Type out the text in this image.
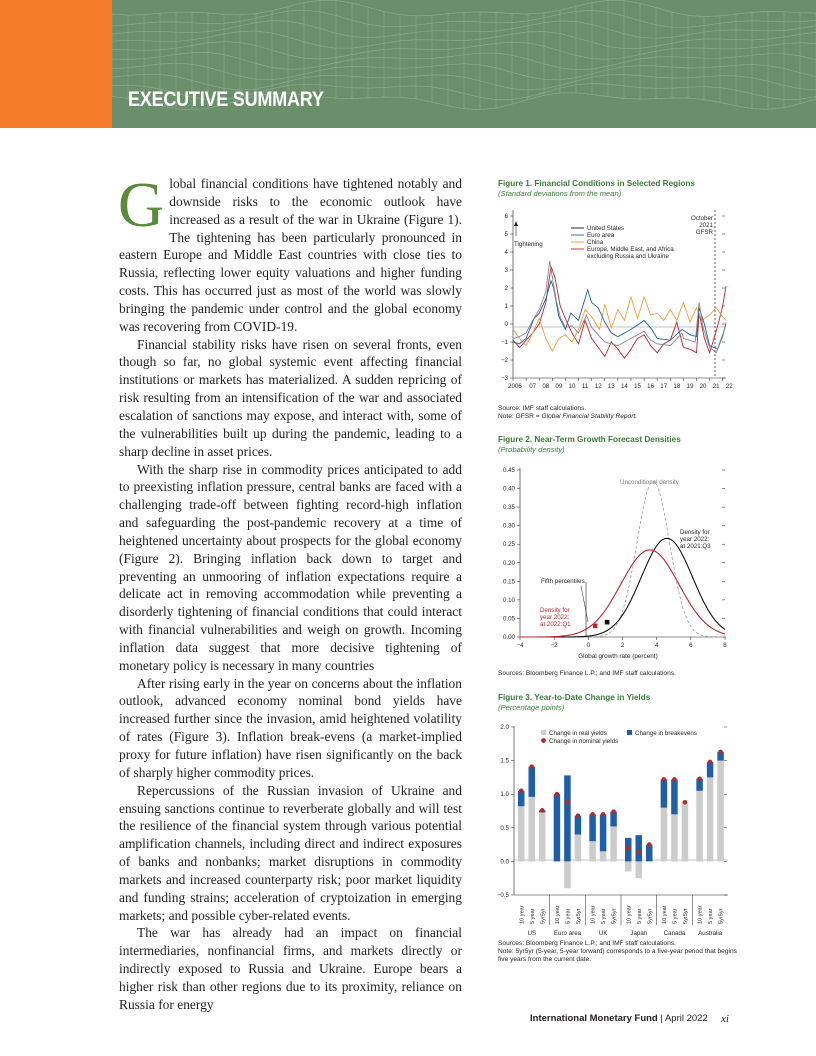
EXECUTIVE SUMMARY

Global financial conditions have tightened notably and downside risks to the economic outlook have increased as a result of the war in Ukraine (Figure 1). The tightening has been particularly pronounced in eastern Europe and Middle East countries with close ties to Russia, reflecting lower equity valuations and higher funding costs. This has occurred just as most of the world was slowly bringing the pandemic under control and the global economy was recovering from COVID-19.

Financial stability risks have risen on several fronts, even though so far, no global systemic event affecting financial institutions or markets has materialized. A sudden repricing of risk resulting from an intensification of the war and associated escalation of sanctions may expose, and interact with, some of the vulnerabilities built up during the pandemic, leading to a sharp decline in asset prices.

With the sharp rise in commodity prices anticipated to add to preexisting inflation pressure, central banks are faced with a challenging trade-off between fighting record-high inflation and safeguarding the post-pandemic recovery at a time of heightened uncertainty about prospects for the global economy (Figure 2). Bringing inflation back down to target and preventing an unmooring of inflation expectations require a delicate act in removing accommodation while preventing a disorderly tightening of financial conditions that could interact with financial vulnerabilities and weigh on growth. Incoming inflation data suggest that more decisive tightening of monetary policy is necessary in many countries

After rising early in the year on concerns about the inflation outlook, advanced economy nominal bond yields have increased further since the invasion, amid heightened volatility of rates (Figure 3). Inflation break-evens (a market-implied proxy for future inflation) have risen significantly on the back of sharply higher commodity prices.

Repercussions of the Russian invasion of Ukraine and ensuing sanctions continue to reverberate globally and will test the resilience of the financial system through various potential amplification channels, including direct and indirect exposures of banks and nonbanks; market disruptions in commodity markets and increased counterparty risk; poor market liquidity and funding strains; acceleration of cryptoization in emerging markets; and possible cyber-related events.

The war has already had an impact on financial intermediaries, nonfinancial firms, and markets directly or indirectly exposed to Russia and Ukraine. Europe bears a higher risk than other regions due to its proximity, reliance on Russia for energy

Figure 1. Financial Conditions in Selected Regions
(Standard deviations from the mean)
6
5
4
3
2
1
0
−1
−2
−3
2006 07 08 09 10 11 12 13 14 15 16 17 18 19 20 21 22
Tightening
October
2021
GFSR
United States
Euro area
China
Europe, Middle East, and Africa
excluding Russia and Ukraine
Source: IMF staff calculations.
Note: GFSR = Global Financial Stability Report.
Figure 2. Near-Term Growth Forecast Densities
(Probability density)
0.45
0.40
0.35
0.30
0.25
0.20
0.15
0.10
0.05
0.00
−4	−2	0	2	4	6	8
Unconditional density
Density for
year 2022:
at 2021:Q3
Fifth percentiles
Density for
year 2022:
at 2022:Q1
Global growth rate (percent)
Sources: Bloomberg Finance L.P.; and IMF staff calculations.
Figure 3. Year-to-Date Change in Yields
(Percentage points)
2.0
1.5
1.0
0.5
0.0
−0.5
US
10 year 5 year 5yr5yr
Euro area
10 year 5 year 5yr5yr
UK
10 year 5 year 5yr5yr
Japan
10 year 5 year 5yr5yr
Canada
10 year 5 year 5yr5yr
Australia
10 year 5 year 5yr5yr
Change in real yields	Change in breakevens
Change in nominal yields
Sources: Bloomberg Finance L.P.; and IMF staff calculations.
Note: 5yr5yr (5-year, 5-year forward) corresponds to a five-year period that begins
five years from the current date.
International Monetary Fund | April 2022 xi
